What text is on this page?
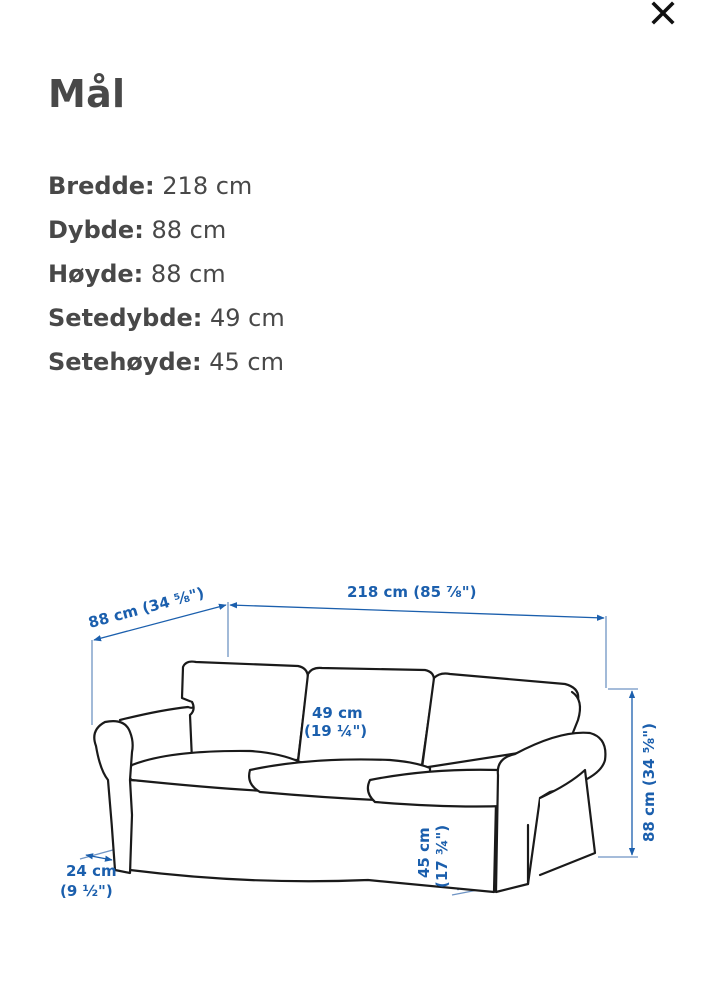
Mål
Bredde: 218 cm
Dybde: 88 cm
Høyde: 88 cm
Setedybde: 49 cm
Setehøyde: 45 cm
88 cm (34 ⅝")	218 cm (85 ⅞")
88 cm (34 ⅝")
49 cm
(19 ¼")
45 cm (17 ¾")
24 cm
(9 ½")
